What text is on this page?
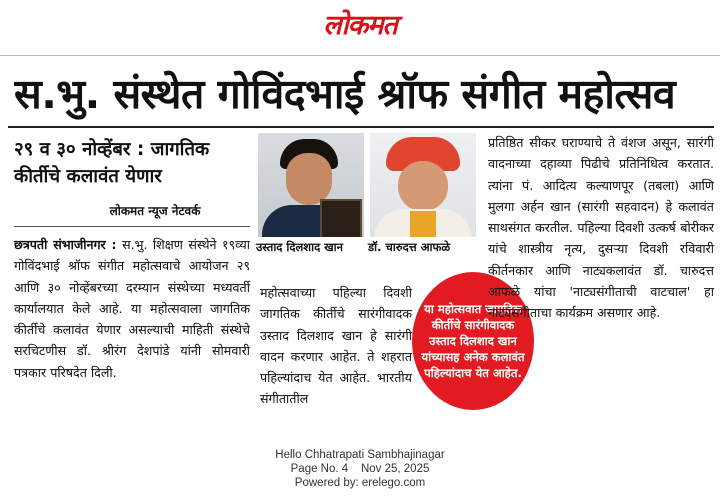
लोकमत
स.भु. संस्थेत गोविंदभाई श्रॉफ संगीत महोत्सव
२९ व ३० नोव्हेंबर : जागतिक कीर्तीचे कलावंत येणार
लोकमत न्यूज नेटवर्क
छत्रपती संभाजीनगर : स.भु. शिक्षण संस्थेने १९व्या गोविंदभाई श्रॉफ संगीत महोत्सवाचे आयोजन २९ आणि ३० नोव्हेंबरच्या दरम्यान संस्थेच्या मध्यवर्ती कार्यालयात केले आहे. या महोत्सवाला जागतिक कीर्तीचे कलावंत येणार असल्याची माहिती संस्थेचे सरचिटणीस डॉ. श्रीरंग देशपांडे यांनी सोमवारी पत्रकार परिषदेत दिली.
उस्ताद दिलशाद खान	डॉ. चारुदत्त आफळे
महोत्सवाच्या पहिल्या दिवशी जागतिक कीर्तीचे सारंगीवादक उस्ताद दिलशाद खान हे सारंगी वादन करणार आहेत. ते शहरात पहिल्यांदाच येत आहेत. भारतीय संगीतातील
या महोत्सवात जागतिक कीर्तीचे सारंगीवादक उस्ताद दिलशाद खान यांच्यासह अनेक कलावंत पहिल्यांदाच येत आहेत.
प्रतिष्ठित सीकर घराण्याचे ते वंशज असून, सारंगी वादनाच्या दहाव्या पिढीचे प्रतिनिधित्व करतात. त्यांना पं. आदित्य कल्याणपूर (तबला) आणि मुलगा अर्हन खान (सारंगी सहवादन) हे कलावंत साथसंगत करतील. पहिल्या दिवशी उत्कर्ष बोरीकर यांचे शास्त्रीय नृत्य, दुसऱ्या दिवशी रविवारी कीर्तनकार आणि नाट्यकलावंत डॉ. चारुदत्त आफळे यांचा 'नाट्यसंगीताची वाटचाल' हा नाट्यसंगीताचा कार्यक्रम असणार आहे.
Hello Chhatrapati Sambhajinagar
Page No. 4    Nov 25, 2025
Powered by: erelego.com
